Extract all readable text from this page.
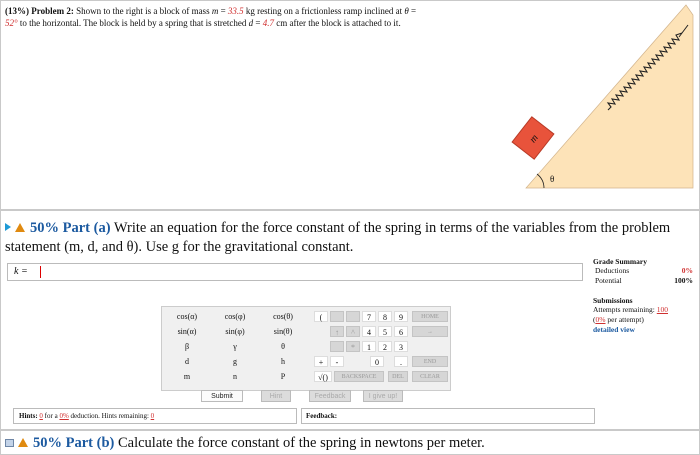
(13%) Problem 2: Shown to the right is a block of mass m = 33.5 kg resting on a frictionless ramp inclined at θ =
52° to the horizontal. The block is held by a spring that is stretched d = 4.7 cm after the block is attached to it.
m
θ
50% Part (a) Write an equation for the force constant of the spring in terms of the variables from the problem statement (m, d, and θ). Use g for the gravitational constant.
k =
Grade Summary
Deductions	0%
Potential	100%
Submissions
Attempts remaining: 100
(0% per attempt)
detailed view
cos(α)	cos(φ)	cos(θ)
sin(α)	sin(φ)	sin(θ)
β	γ	θ
d	g	h
m	n	P
(	7	8	9	HOME
↑	^	4	5	6	→
*	1	2	3
+	-	0	.	END
√()	BACKSPACE	DEL	CLEAR
Submit	Hint	Feedback	I give up!
Hints: 0 for a 0% deduction. Hints remaining: 0	Feedback:
50% Part (b) Calculate the force constant of the spring in newtons per meter.
